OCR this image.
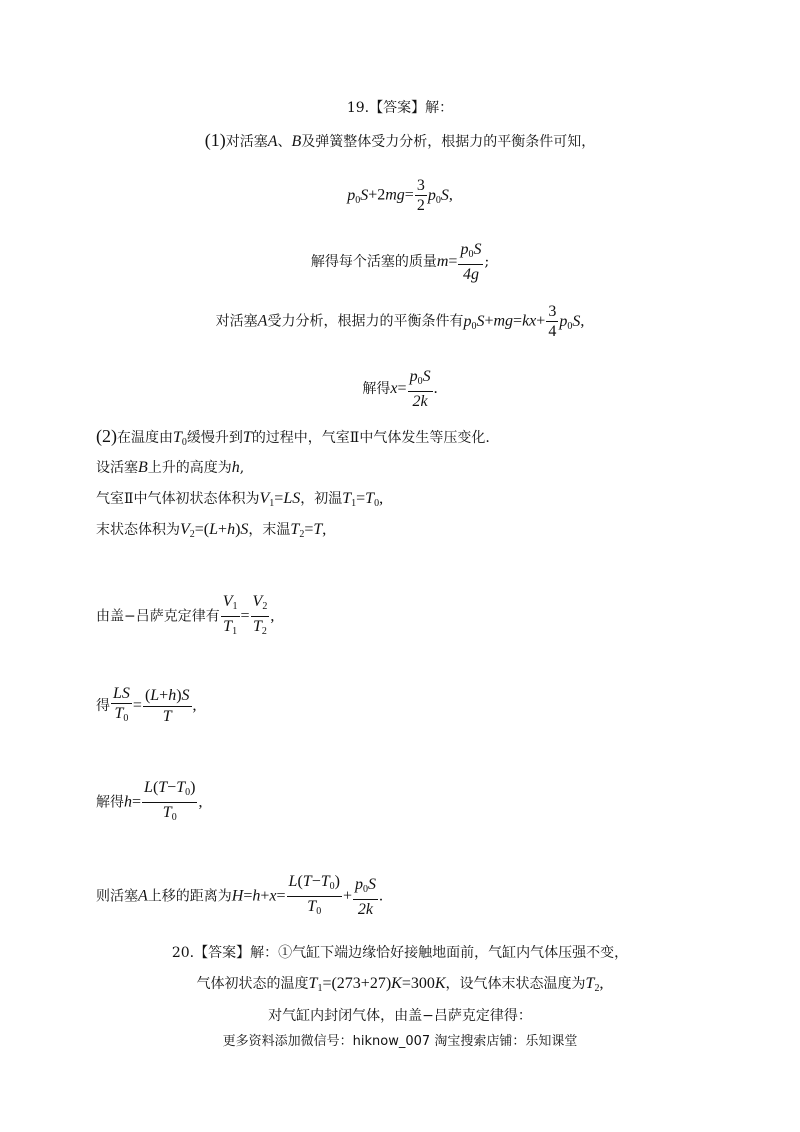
19.【答案】解：
(1)对活塞A、B及弹簧整体受力分析，根据力的平衡条件可知，
$p_0S+2mg= \frac{3}{2} p_0S$,
解得每个活塞的质量$m= \frac{p_0S}{4g}$ ;
对活塞A受力分析，根据力的平衡条件有$p_0S+mg=kx+ \frac{3}{4} p_0S$,
解得$x= \frac{p_0S}{2k}$ .
(2)在温度由$T_0$缓慢升到T的过程中，气室Ⅱ中气体发生等压变化.
设活塞B上升的高度为h,
气室Ⅱ中气体初状态体积为$V_1=LS$，初温$T_1=T_0$,
末状态体积为$V_2=(L+h)S$，末温$T_2=T$,
由盖−吕萨克定律有 $\frac{V_1}{T_1} = \frac{V_2}{T_2}$ ,
得 $\frac{LS}{T_0} = \frac{(L+h)S}{T}$ ,
解得$h= \frac{L(T-T_0)}{T_0}$ ,
则活塞A上移的距离为$H=h+x= \frac{L(T-T_0)}{T_0} + \frac{p_0S}{2k}$ .
20.【答案】解：①气缸下端边缘恰好接触地面前，气缸内气体压强不变，
气体初状态的温度$T_1=(273+27)K=300K$，设气体末状态温度为$T_2$,
对气缸内封闭气体，由盖−吕萨克定律得：
更多资料添加微信号：hiknow_007 淘宝搜索店铺：乐知课堂
